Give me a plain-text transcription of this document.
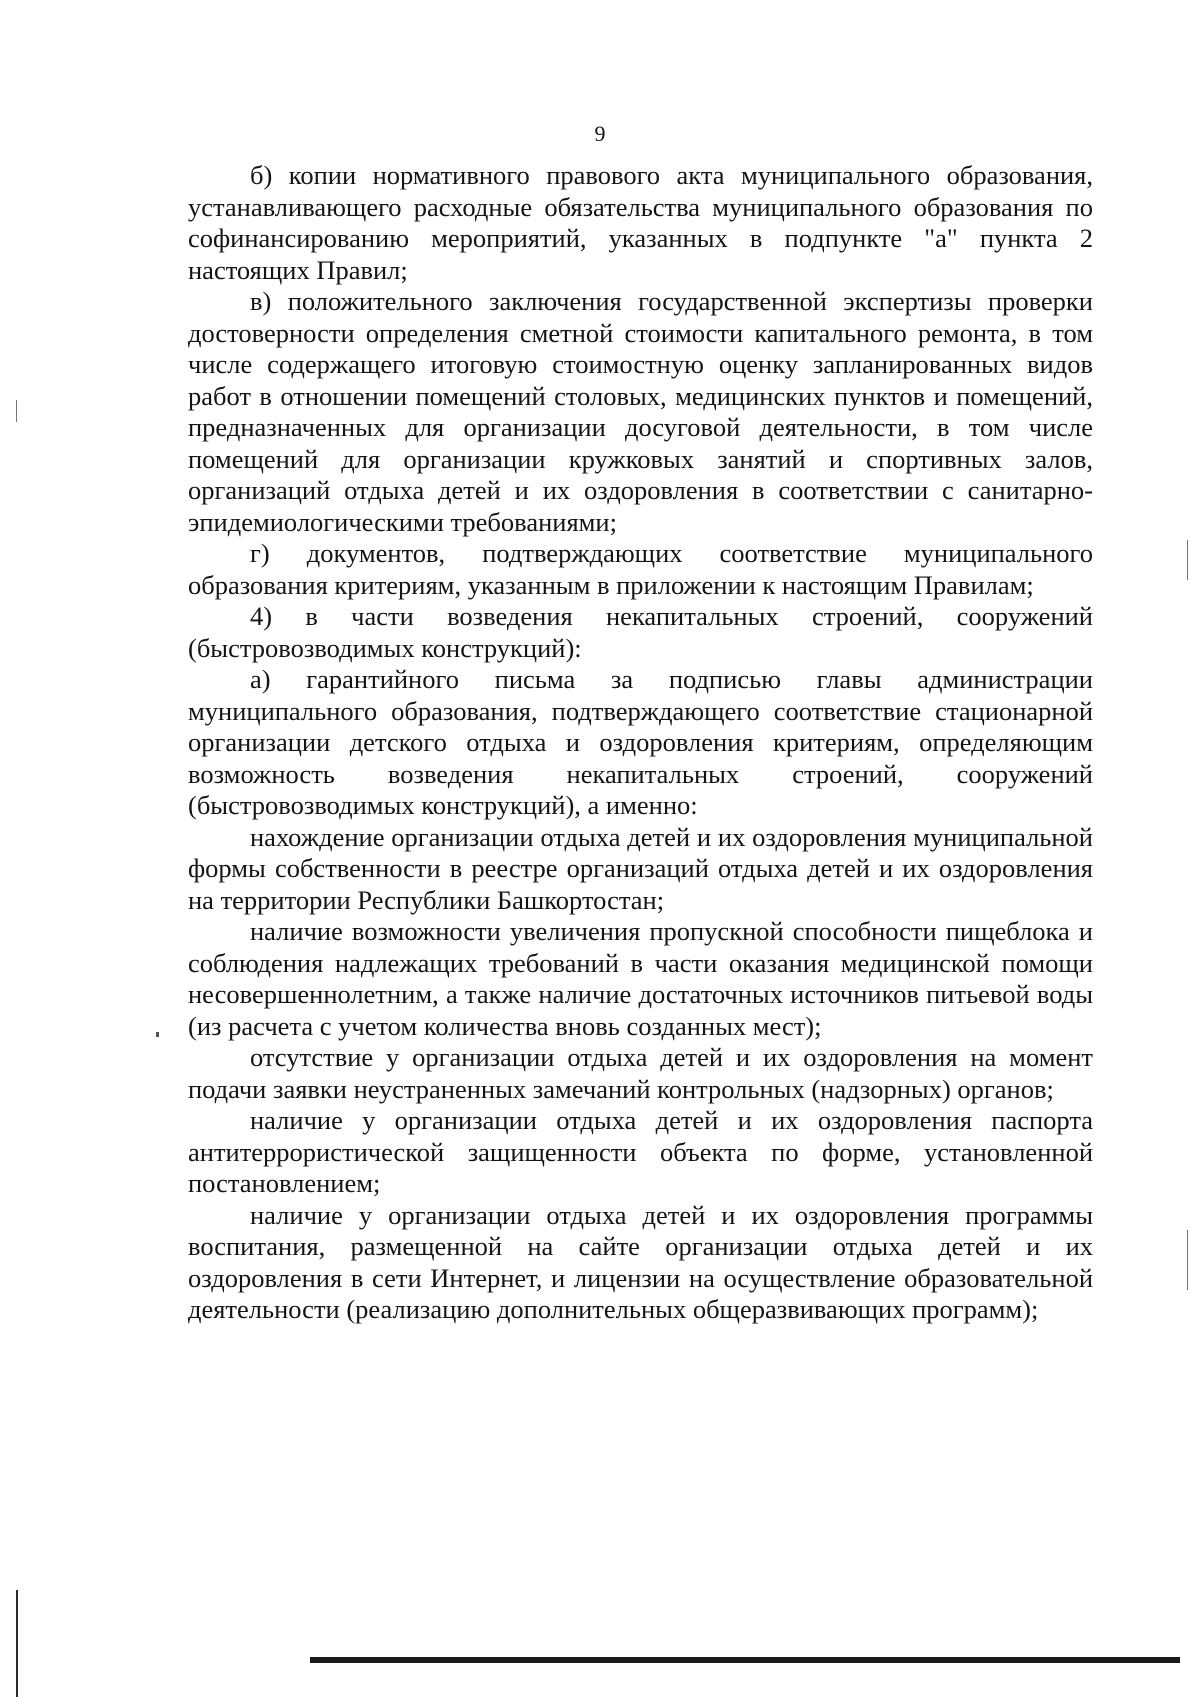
9

б) копии нормативного правового акта муниципального образования, устанавливающего расходные обязательства муниципального образования по софинансированию мероприятий, указанных в подпункте "а" пункта 2 настоящих Правил;

в) положительного заключения государственной экспертизы проверки достоверности определения сметной стоимости капитального ремонта, в том числе содержащего итоговую стоимостную оценку запланированных видов работ в отношении помещений столовых, медицинских пунктов и помещений, предназначенных для организации досуговой деятельности, в том числе помещений для организации кружковых занятий и спортивных залов, организаций отдыха детей и их оздоровления в соответствии с санитарно-эпидемиологическими требованиями;

г) документов, подтверждающих соответствие муниципального образования критериям, указанным в приложении к настоящим Правилам;

4) в части возведения некапитальных строений, сооружений (быстровозводимых конструкций):

а) гарантийного письма за подписью главы администрации муниципального образования, подтверждающего соответствие стационарной организации детского отдыха и оздоровления критериям, определяющим возможность возведения некапитальных строений, сооружений (быстровозводимых конструкций), а именно:

нахождение организации отдыха детей и их оздоровления муниципальной формы собственности в реестре организаций отдыха детей и их оздоровления на территории Республики Башкортостан;

наличие возможности увеличения пропускной способности пищеблока и соблюдения надлежащих требований в части оказания медицинской помощи несовершеннолетним, а также наличие достаточных источников питьевой воды (из расчета с учетом количества вновь созданных мест);

отсутствие у организации отдыха детей и их оздоровления на момент подачи заявки неустраненных замечаний контрольных (надзорных) органов;

наличие у организации отдыха детей и их оздоровления паспорта антитеррористической защищенности объекта по форме, установленной постановлением;

наличие у организации отдыха детей и их оздоровления программы воспитания, размещенной на сайте организации отдыха детей и их оздоровления в сети Интернет, и лицензии на осуществление образовательной деятельности (реализацию дополнительных общеразвивающих программ);
